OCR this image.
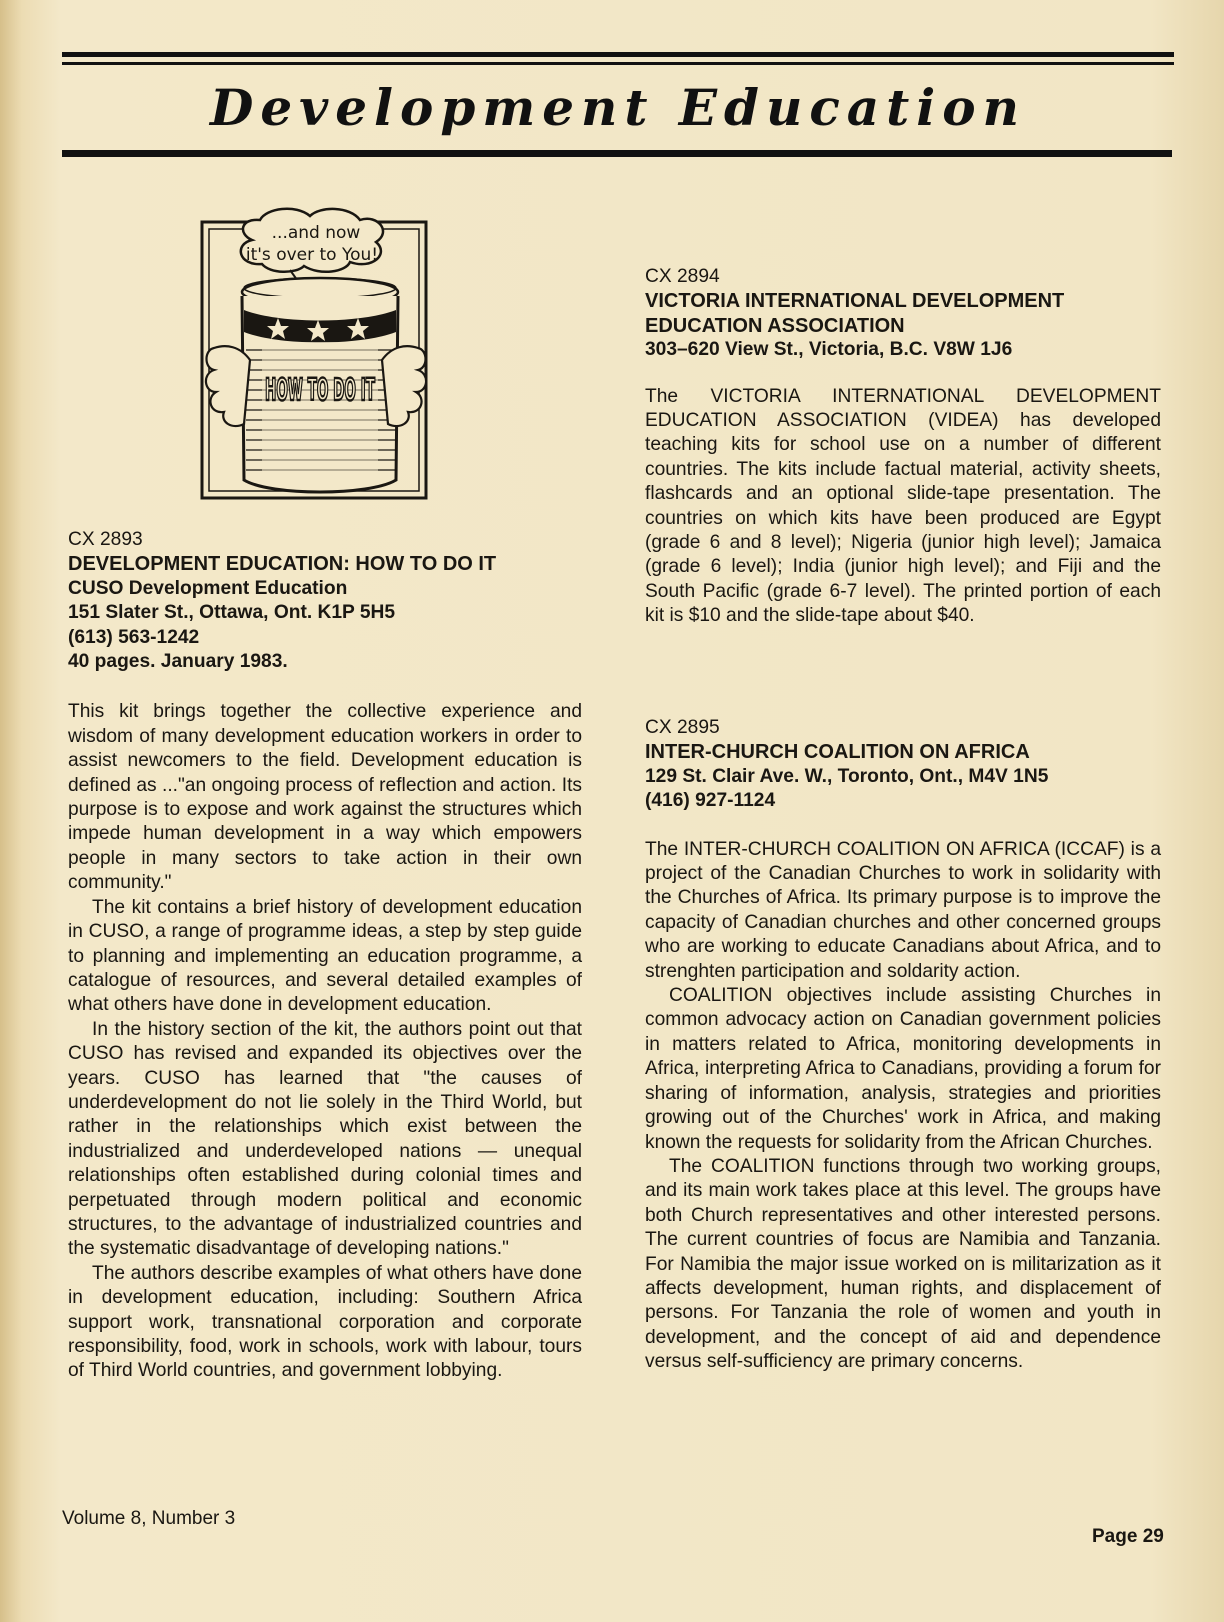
Development Education
...and now
it's over to You!
HOW TO DO IT
CX 2893
DEVELOPMENT EDUCATION: HOW TO DO IT
CUSO Development Education
151 Slater St., Ottawa, Ont. K1P 5H5
(613) 563-1242
40 pages. January 1983.

This kit brings together the collective experience and wisdom of many development education workers in order to assist newcomers to the field. Development education is defined as ..."an ongoing process of reflection and action. Its purpose is to expose and work against the structures which impede human development in a way which empowers people in many sectors to take action in their own community."

The kit contains a brief history of development education in CUSO, a range of programme ideas, a step by step guide to planning and implementing an education programme, a catalogue of resources, and several detailed examples of what others have done in development education.

In the history section of the kit, the authors point out that CUSO has revised and expanded its objectives over the years. CUSO has learned that "the causes of underdevelopment do not lie solely in the Third World, but rather in the relationships which exist between the industrialized and underdeveloped nations — unequal relationships often established during colonial times and perpetuated through modern political and economic structures, to the advantage of industrialized countries and the systematic disadvantage of developing nations."

The authors describe examples of what others have done in development education, including: Southern Africa support work, transnational corporation and corporate responsibility, food, work in schools, work with labour, tours of Third World countries, and government lobbying.

CX 2894
VICTORIA INTERNATIONAL DEVELOPMENT
EDUCATION ASSOCIATION
303–620 View St., Victoria, B.C. V8W 1J6

The VICTORIA INTERNATIONAL DEVELOPMENT EDUCATION ASSOCIATION (VIDEA) has developed teaching kits for school use on a number of different countries. The kits include factual material, activity sheets, flashcards and an optional slide-tape presentation. The countries on which kits have been produced are Egypt (grade 6 and 8 level); Nigeria (junior high level); Jamaica (grade 6 level); India (junior high level); and Fiji and the South Pacific (grade 6-7 level). The printed portion of each kit is $10 and the slide-tape about $40.

CX 2895
INTER-CHURCH COALITION ON AFRICA
129 St. Clair Ave. W., Toronto, Ont., M4V 1N5
(416) 927-1124

The INTER-CHURCH COALITION ON AFRICA (ICCAF) is a project of the Canadian Churches to work in solidarity with the Churches of Africa. Its primary purpose is to improve the capacity of Canadian churches and other concerned groups who are working to educate Canadians about Africa, and to strenghten participation and soldarity action.

COALITION objectives include assisting Churches in common advocacy action on Canadian government policies in matters related to Africa, monitoring developments in Africa, interpreting Africa to Canadians, providing a forum for sharing of information, analysis, strategies and priorities growing out of the Churches' work in Africa, and making known the requests for solidarity from the African Churches.

The COALITION functions through two working groups, and its main work takes place at this level. The groups have both Church representatives and other interested persons. The current countries of focus are Namibia and Tanzania. For Namibia the major issue worked on is militarization as it affects development, human rights, and displacement of persons. For Tanzania the role of women and youth in development, and the concept of aid and dependence versus self-sufficiency are primary concerns.

Volume 8, Number 3
Page 29
